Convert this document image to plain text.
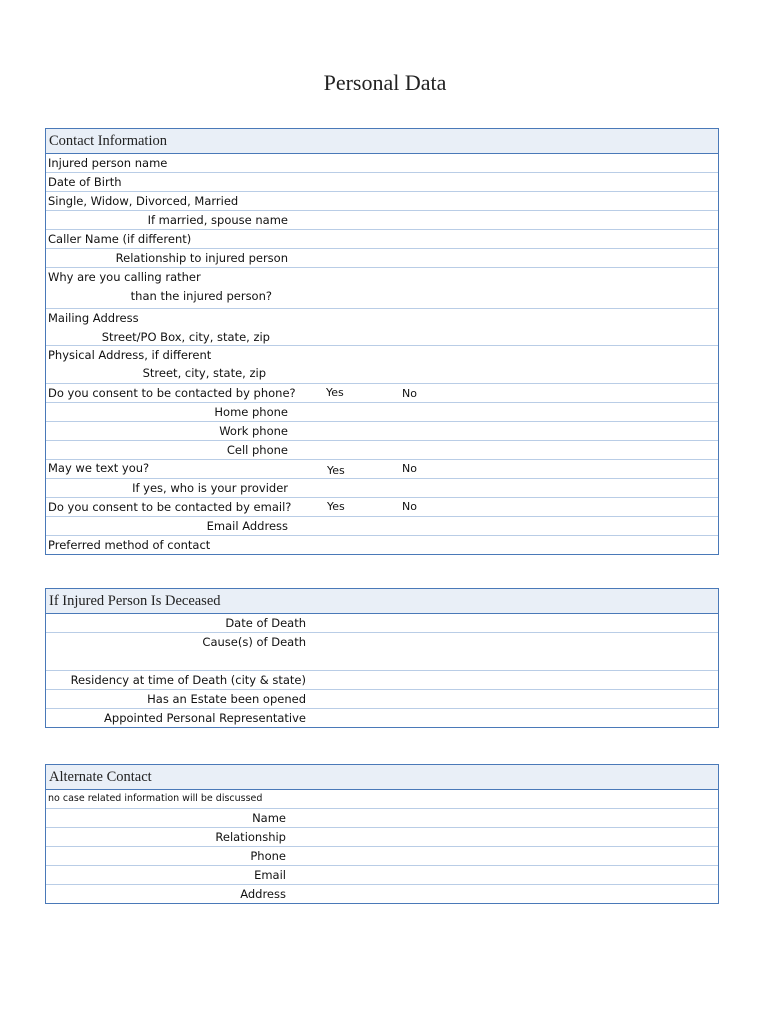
Personal Data
Contact Information
Injured person name
Date of Birth
Single, Widow, Divorced, Married
If married, spouse name
Caller Name (if different)
Relationship to injured person
Why are you calling rather
than the injured person?
Mailing Address
Street/PO Box, city, state, zip
Physical Address, if different
Street, city, state, zip
Do you consent to be contacted by phone?	Yes	No
Home phone
Work phone
Cell phone
May we text you?	Yes	No
If yes, who is your provider
Do you consent to be contacted by email?	Yes	No
Email Address
Preferred method of contact
If Injured Person Is Deceased
Date of Death
Cause(s) of Death
Residency at time of Death (city & state)
Has an Estate been opened
Appointed Personal Representative
Alternate Contact
no case related information will be discussed
Name
Relationship
Phone
Email
Address
